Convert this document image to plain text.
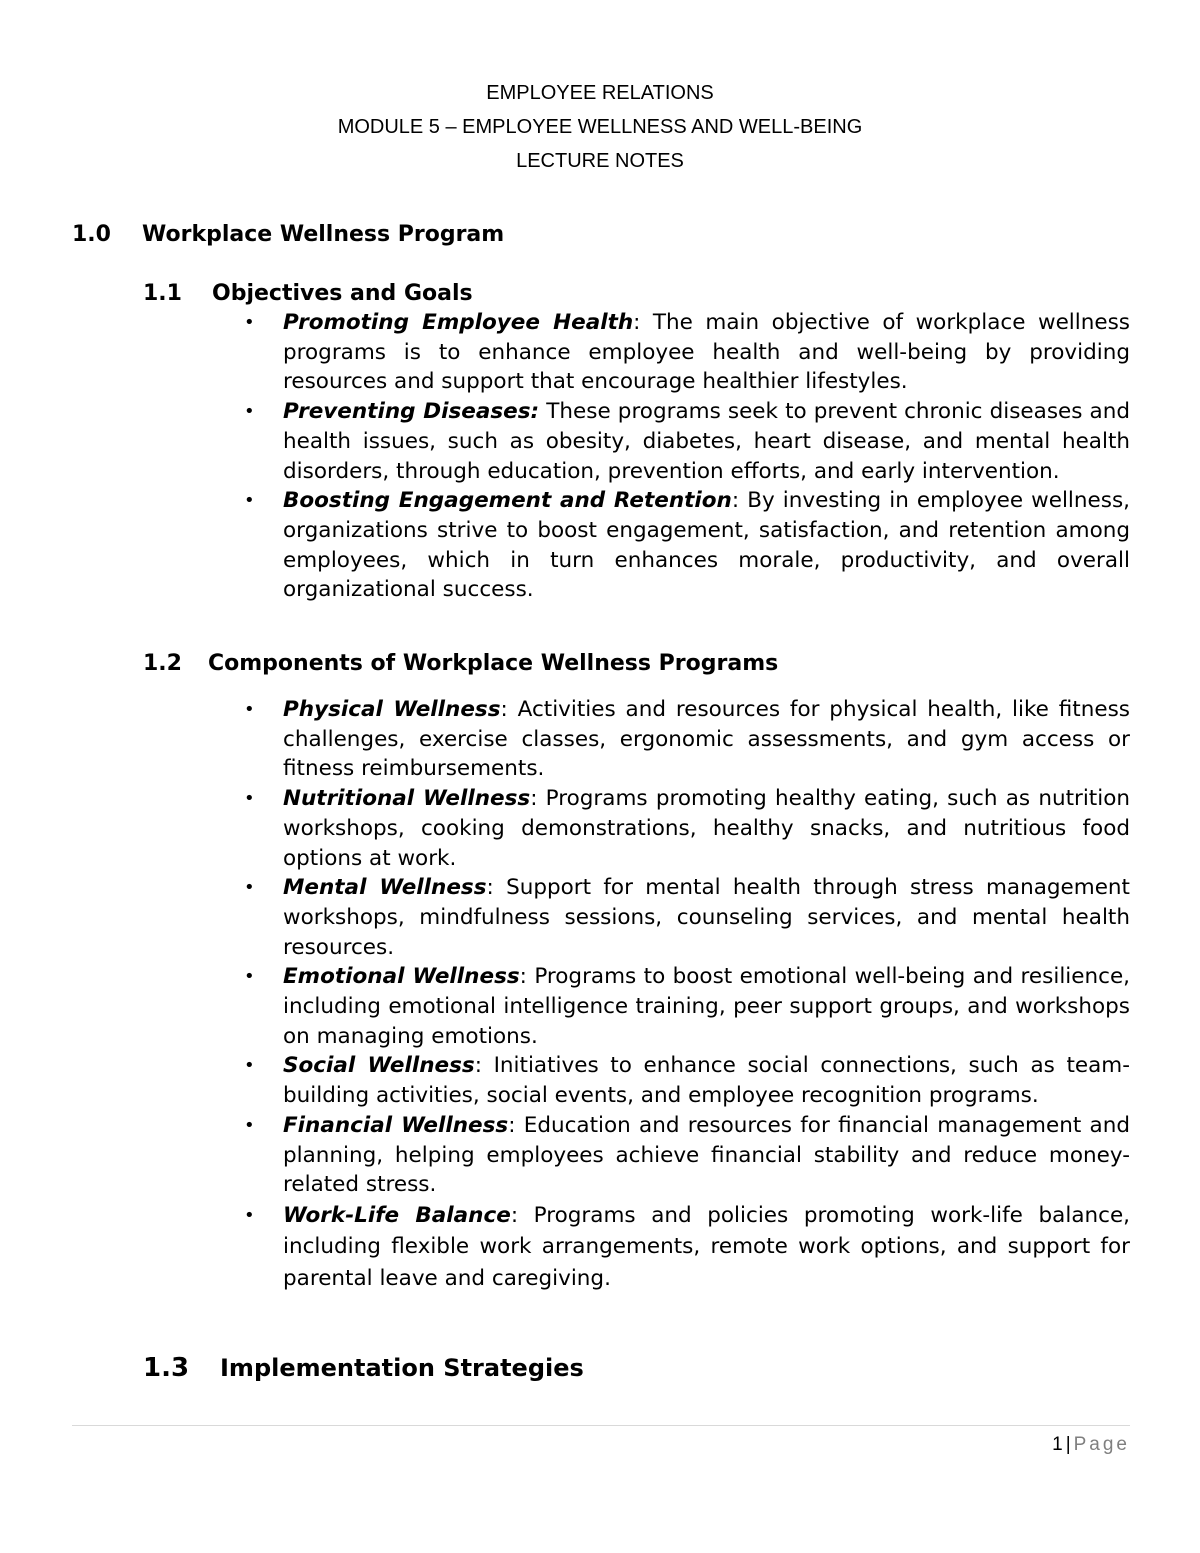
EMPLOYEE RELATIONS
MODULE 5 – EMPLOYEE WELLNESS AND WELL-BEING
LECTURE NOTES
1.0 Workplace Wellness Program
1.1 Objectives and Goals
• Promoting Employee Health: The main objective of workplace wellness programs is to enhance employee health and well-being by providing resources and support that encourage healthier lifestyles.
• Preventing Diseases: These programs seek to prevent chronic diseases and health issues, such as obesity, diabetes, heart disease, and mental health disorders, through education, prevention efforts, and early intervention.
• Boosting Engagement and Retention: By investing in employee wellness, organizations strive to boost engagement, satisfaction, and retention among employees, which in turn enhances morale, productivity, and overall organizational success.
1.2 Components of Workplace Wellness Programs
• Physical Wellness: Activities and resources for physical health, like fitness challenges, exercise classes, ergonomic assessments, and gym access or fitness reimbursements.
• Nutritional Wellness: Programs promoting healthy eating, such as nutrition workshops, cooking demonstrations, healthy snacks, and nutritious food options at work.
• Mental Wellness: Support for mental health through stress management workshops, mindfulness sessions, counseling services, and mental health resources.
• Emotional Wellness: Programs to boost emotional well-being and resilience, including emotional intelligence training, peer support groups, and workshops on managing emotions.
• Social Wellness: Initiatives to enhance social connections, such as team-building activities, social events, and employee recognition programs.
• Financial Wellness: Education and resources for financial management and planning, helping employees achieve financial stability and reduce money-related stress.
• Work-Life Balance: Programs and policies promoting work-life balance, including flexible work arrangements, remote work options, and support for parental leave and caregiving.
1.3 Implementation Strategies
1 | Page
